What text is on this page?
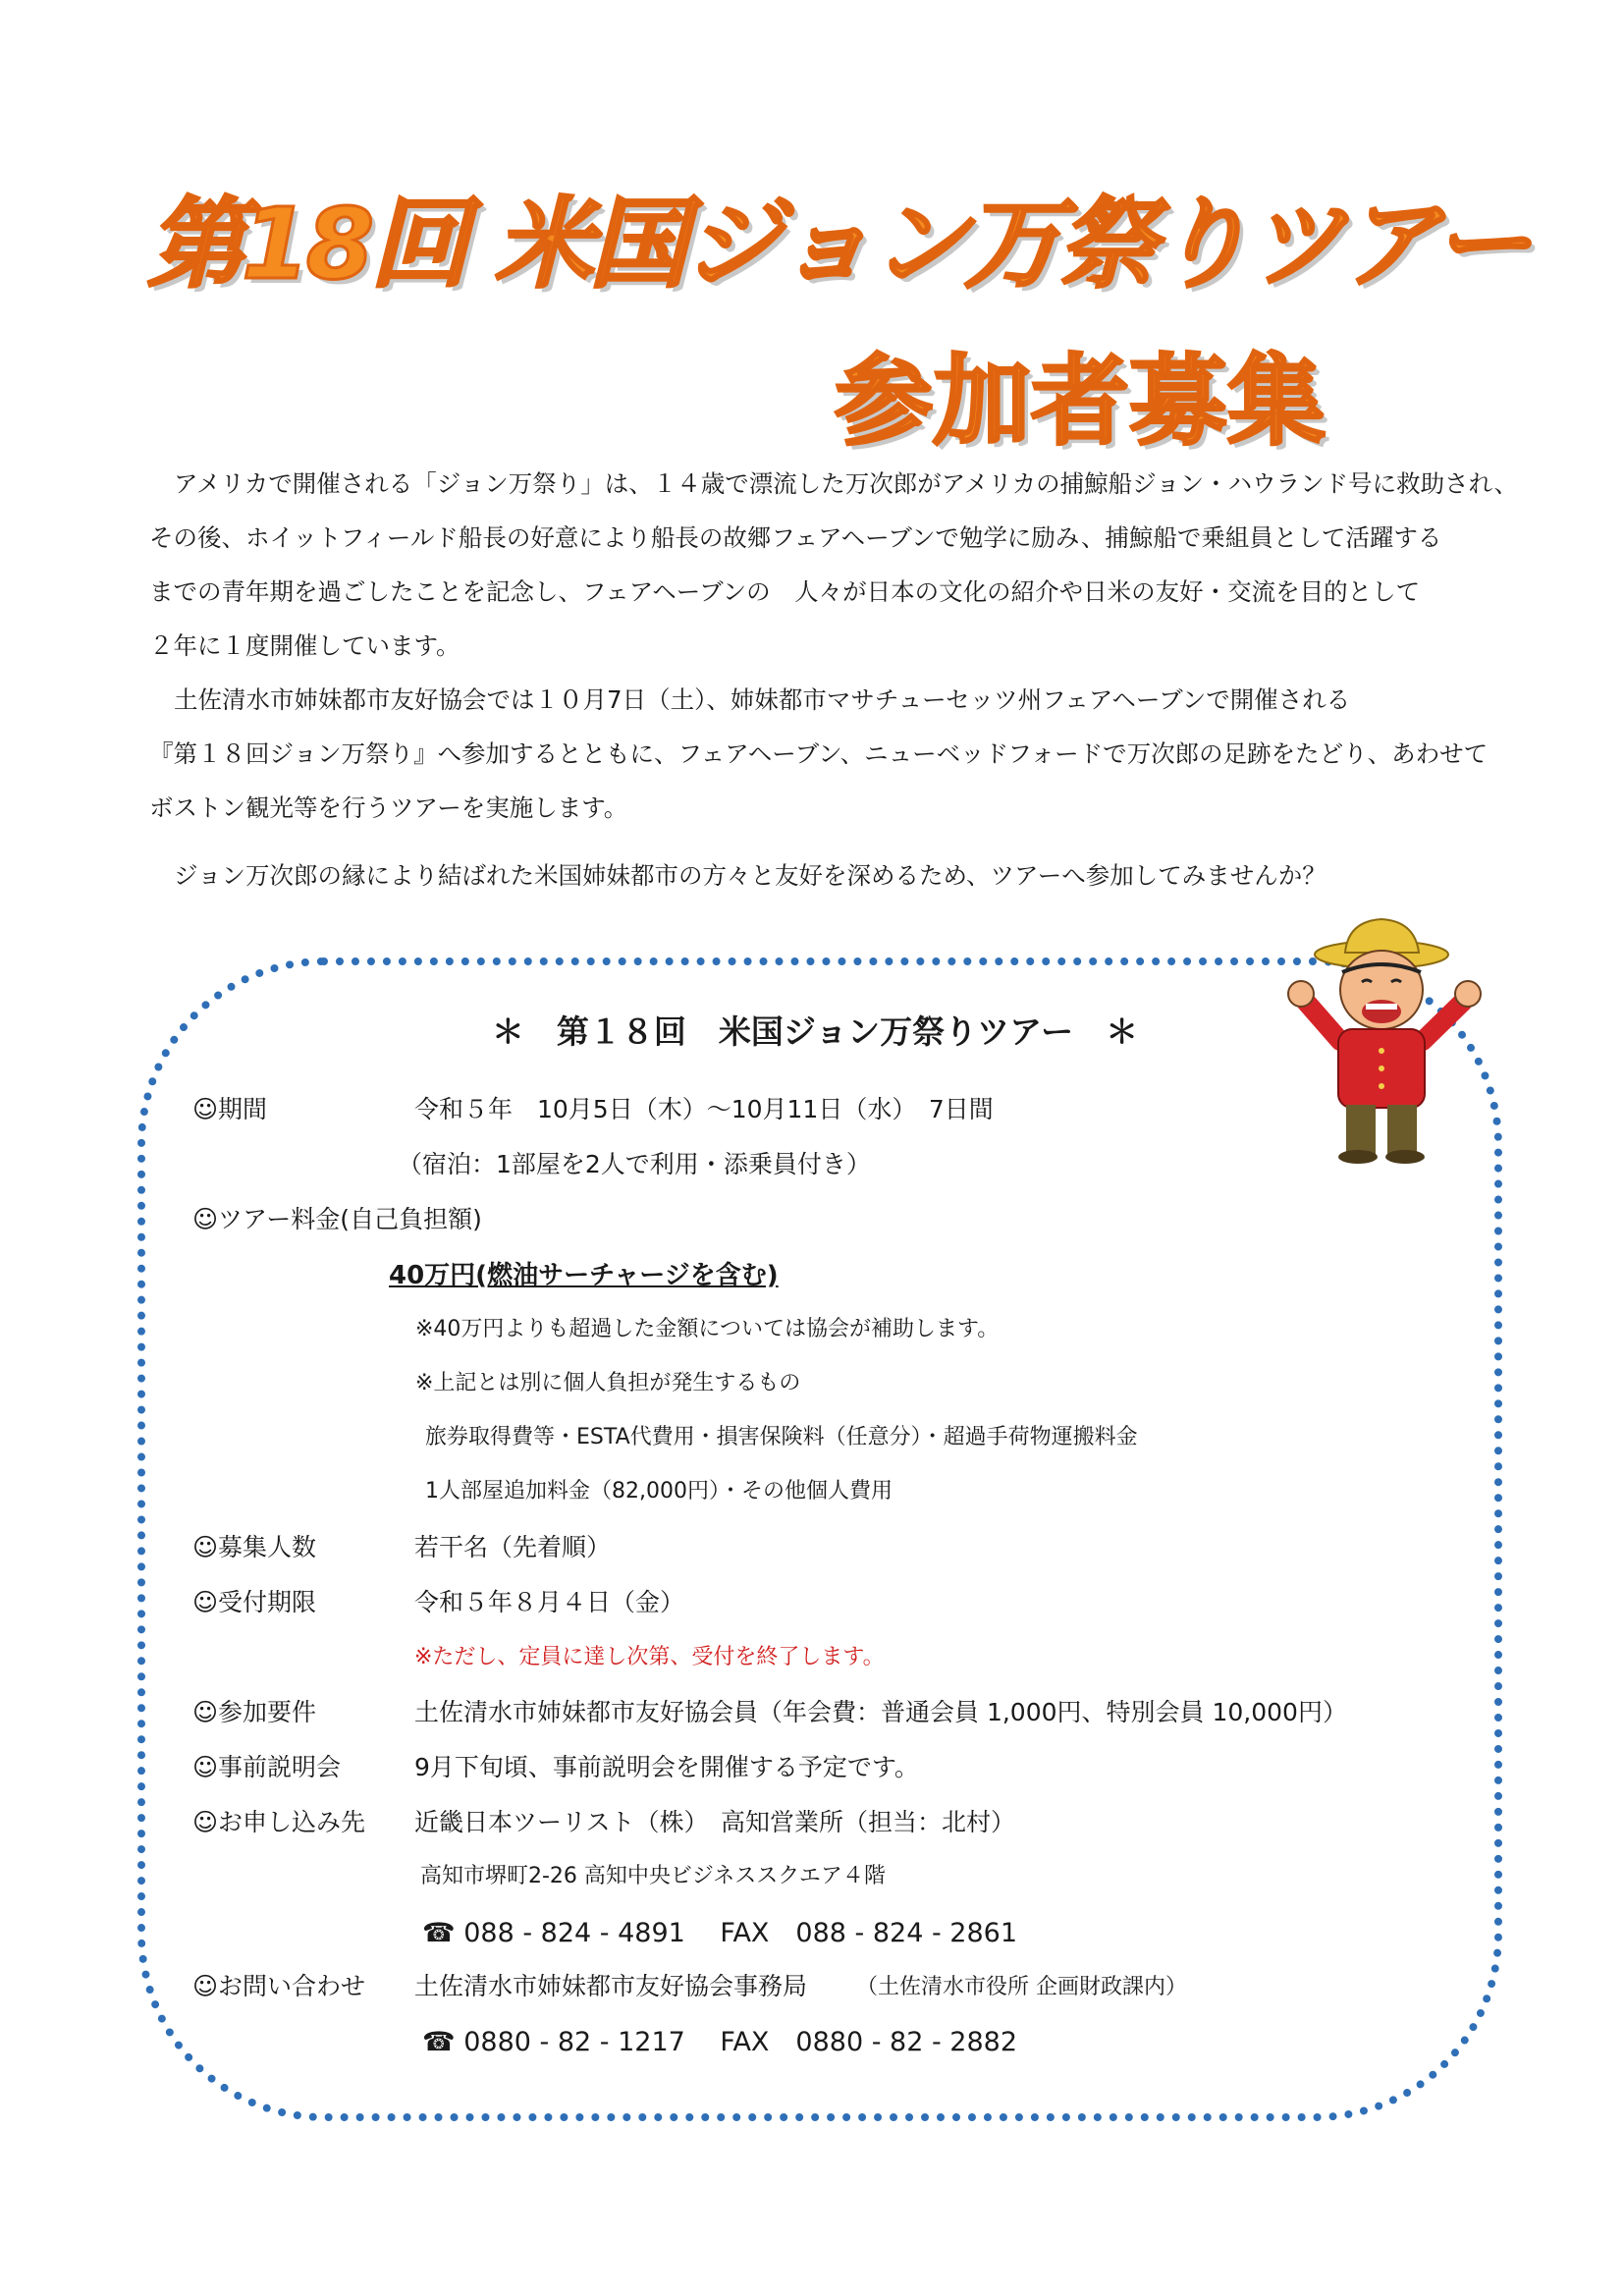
第18回 米国ジョン万祭りツアー
参加者募集
アメリカで開催される「ジョン万祭り」は、１４歳で漂流した万次郎がアメリカの捕鯨船ジョン・ハウランド号に救助され、
その後、ホイットフィールド船長の好意により船長の故郷フェアヘーブンで勉学に励み、捕鯨船で乗組員として活躍する
までの青年期を過ごしたことを記念し、フェアヘーブンの　人々が日本の文化の紹介や日米の友好・交流を目的として
２年に１度開催しています。
土佐清水市姉妹都市友好協会では１０月7日（土）、姉妹都市マサチューセッツ州フェアヘーブンで開催される
『第１８回ジョン万祭り』へ参加するとともに、フェアヘーブン、ニューベッドフォードで万次郎の足跡をたどり、あわせて
ボストン観光等を行うツアーを実施します。
ジョン万次郎の縁により結ばれた米国姉妹都市の方々と友好を深めるため、ツアーへ参加してみませんか？
＊　第１８回　米国ジョン万祭りツアー　＊
☺期間	令和５年　10月5日（木）～10月11日（水）　7日間
（宿泊：1部屋を2人で利用・添乗員付き）
☺ツアー料金(自己負担額)
40万円(燃油サーチャージを含む)
※40万円よりも超過した金額については協会が補助します。
※上記とは別に個人負担が発生するもの
旅券取得費等・ESTA代費用・損害保険料（任意分）・超過手荷物運搬料金
1人部屋追加料金（82,000円）・その他個人費用
☺募集人数	若干名（先着順）
☺受付期限	令和５年８月４日（金）
※ただし、定員に達し次第、受付を終了します。
☺参加要件	土佐清水市姉妹都市友好協会員（年会費：普通会員 1,000円、特別会員 10,000円）
☺事前説明会	9月下旬頃、事前説明会を開催する予定です。
☺お申し込み先 近畿日本ツーリスト（株）　高知営業所（担当：北村）
高知市堺町2-26 高知中央ビジネススクエア４階
☎ 088 - 824 - 4891　 FAX　088 - 824 - 2861
☺お問い合わせ 土佐清水市姉妹都市友好協会事務局 （土佐清水市役所 企画財政課内）
☎ 0880 - 82 - 1217　 FAX　0880 - 82 - 2882
